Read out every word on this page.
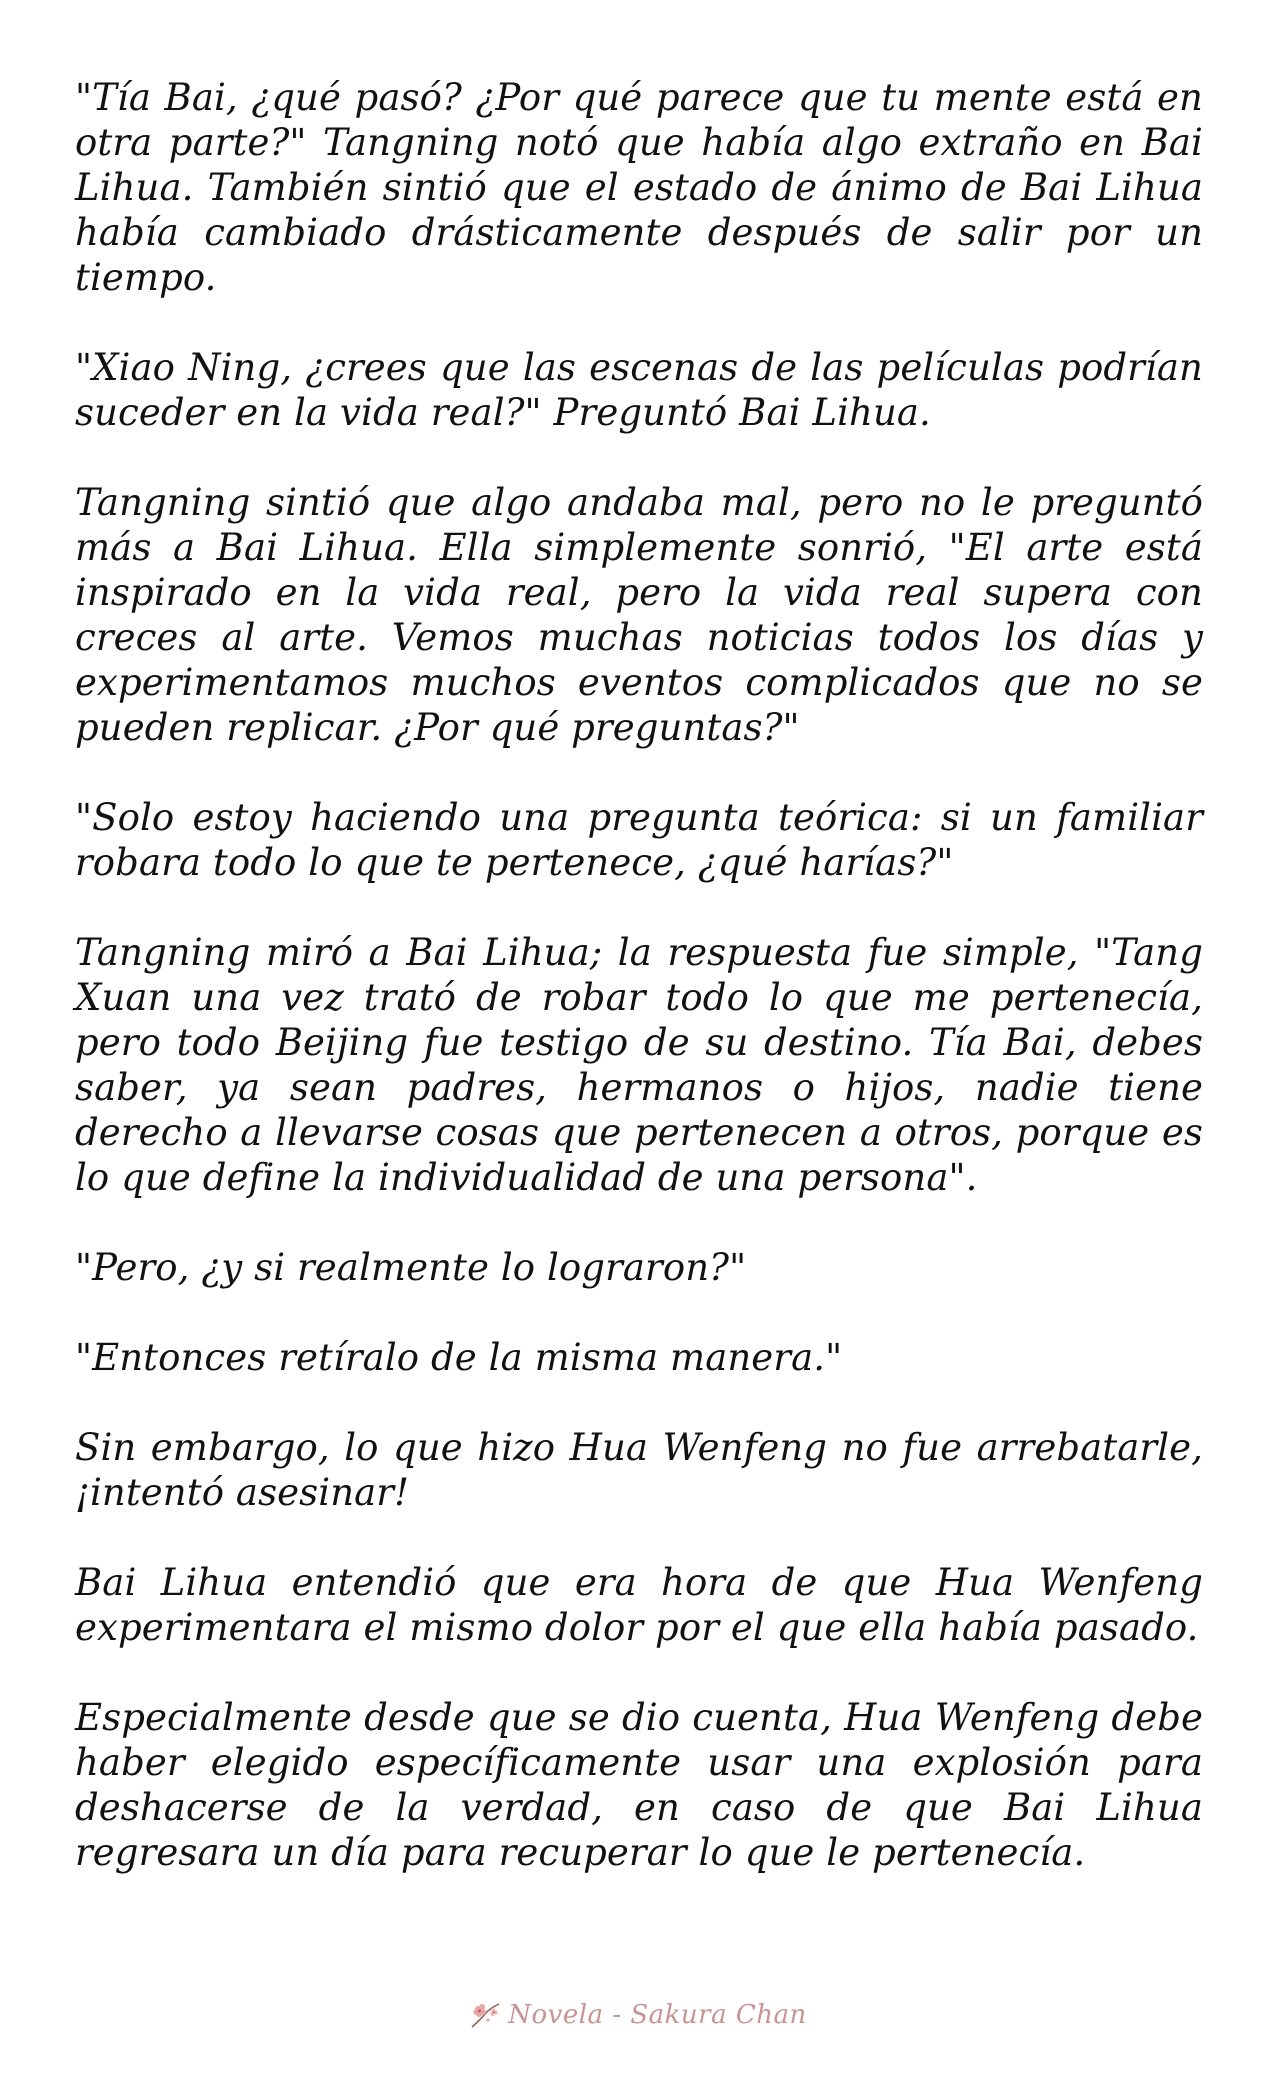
"Tía Bai, ¿qué pasó? ¿Por qué parece que tu mente está en otra parte?" Tangning notó que había algo extraño en Bai Lihua. También sintió que el estado de ánimo de Bai Lihua había cambiado drásticamente después de salir por un tiempo.

"Xiao Ning, ¿crees que las escenas de las películas podrían suceder en la vida real?" Preguntó Bai Lihua.

Tangning sintió que algo andaba mal, pero no le preguntó más a Bai Lihua. Ella simplemente sonrió, "El arte está inspirado en la vida real, pero la vida real supera con creces al arte. Vemos muchas noticias todos los días y experimentamos muchos eventos complicados que no se pueden replicar. ¿Por qué preguntas?"

"Solo estoy haciendo una pregunta teórica: si un familiar robara todo lo que te pertenece, ¿qué harías?"

Tangning miró a Bai Lihua; la respuesta fue simple, "Tang Xuan una vez trató de robar todo lo que me pertenecía, pero todo Beijing fue testigo de su destino. Tía Bai, debes saber, ya sean padres, hermanos o hijos, nadie tiene derecho a llevarse cosas que pertenecen a otros, porque es lo que define la individualidad de una persona".

"Pero, ¿y si realmente lo lograron?"

"Entonces retíralo de la misma manera."

Sin embargo, lo que hizo Hua Wenfeng no fue arrebatarle, ¡intentó asesinar!

Bai Lihua entendió que era hora de que Hua Wenfeng experimentara el mismo dolor por el que ella había pasado.

Especialmente desde que se dio cuenta, Hua Wenfeng debe haber elegido específicamente usar una explosión para deshacerse de la verdad, en caso de que Bai Lihua regresara un día para recuperar lo que le pertenecía.

Novela - Sakura Chan
